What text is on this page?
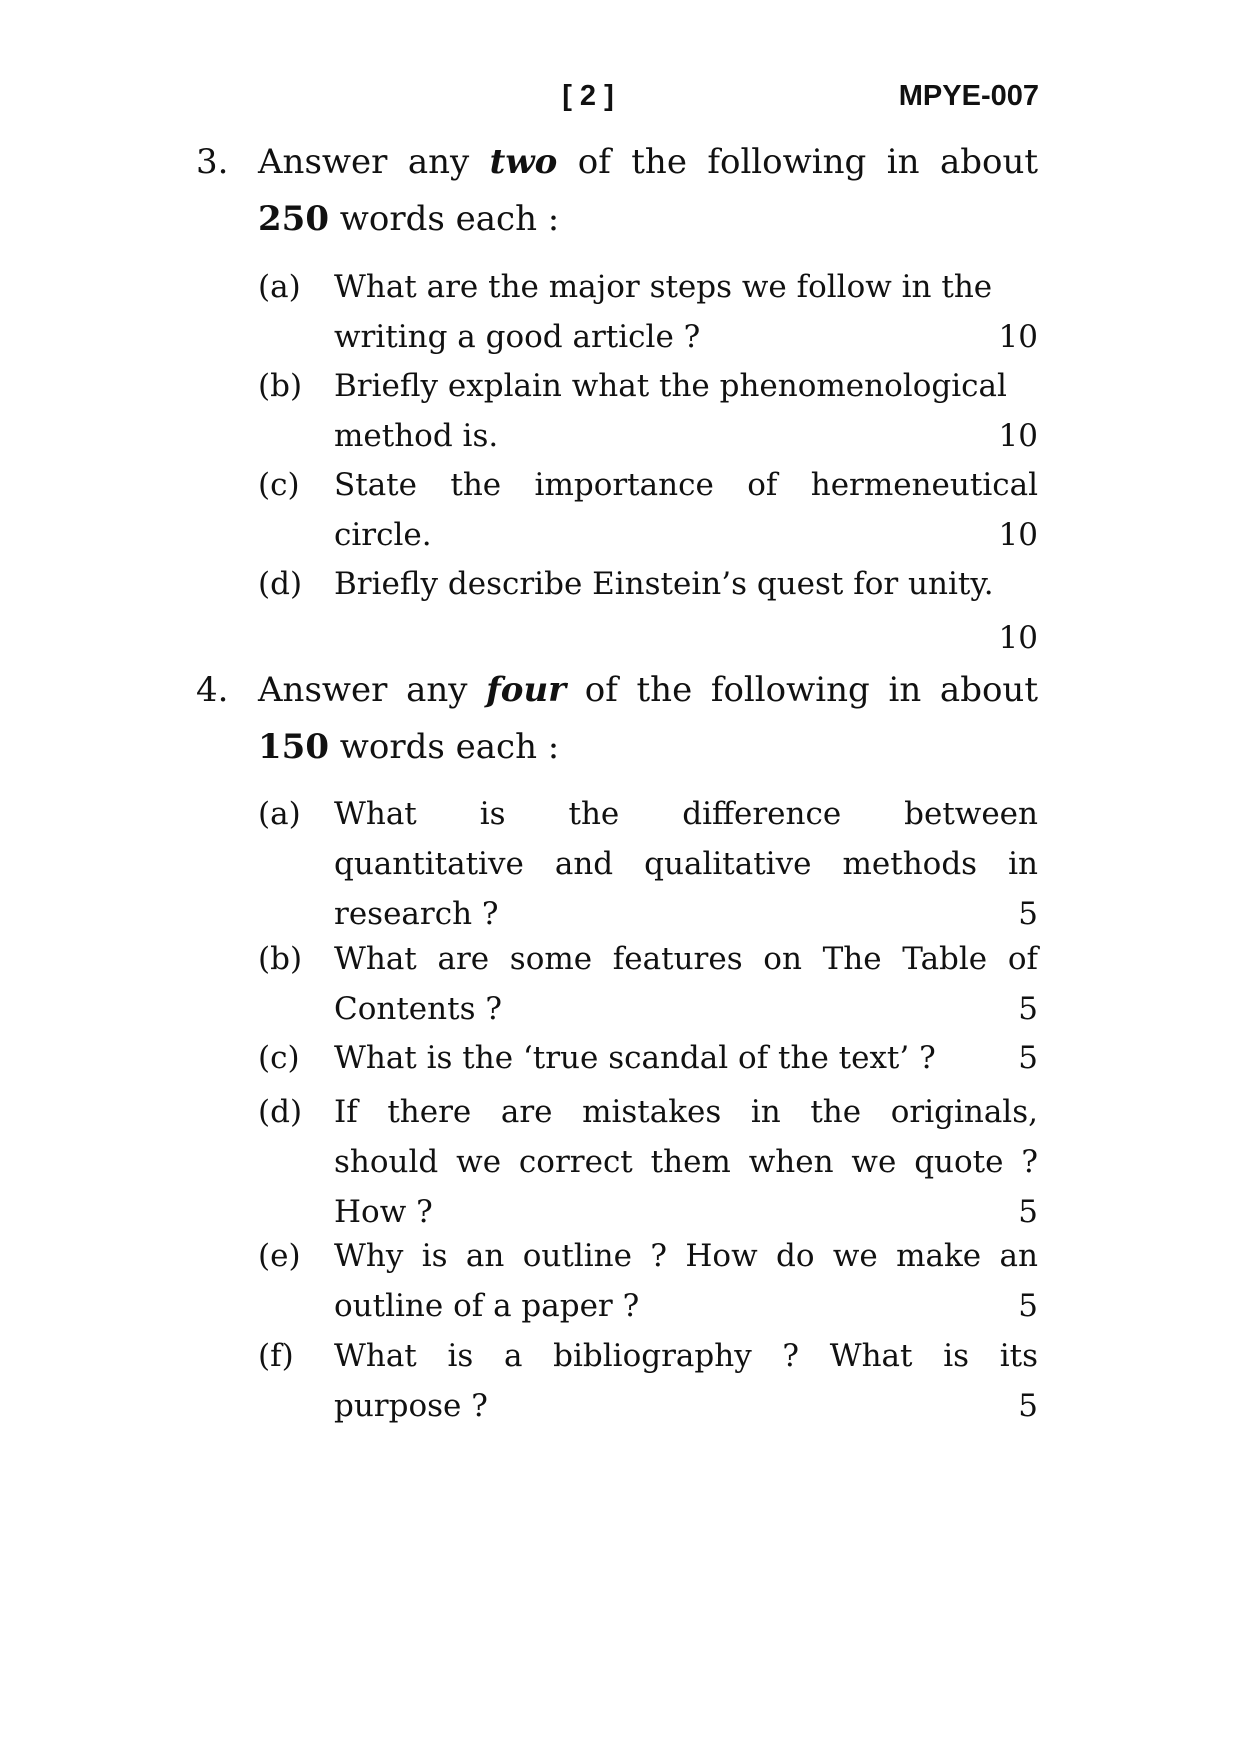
[ 2 ]	MPYE-007
3. Answer any two of the following in about
250 words each :
(a) What are the major steps we follow in the
writing a good article ?	10
(b) Briefly explain what the phenomenological
method is.	10
(c) State the importance of hermeneutical
circle.	10
(d) Briefly describe Einstein’s quest for unity.
10
4. Answer any four of the following in about
150 words each :
(a) What is the difference between
quantitative and qualitative methods in
research ?	5
(b) What are some features on The Table of
Contents ?	5
(c) What is the ‘true scandal of the text’ ?	5
(d) If there are mistakes in the originals,
should we correct them when we quote ?
How ?	5
(e) Why is an outline ? How do we make an
outline of a paper ?	5
(f) What is a bibliography ? What is its
purpose ?	5
